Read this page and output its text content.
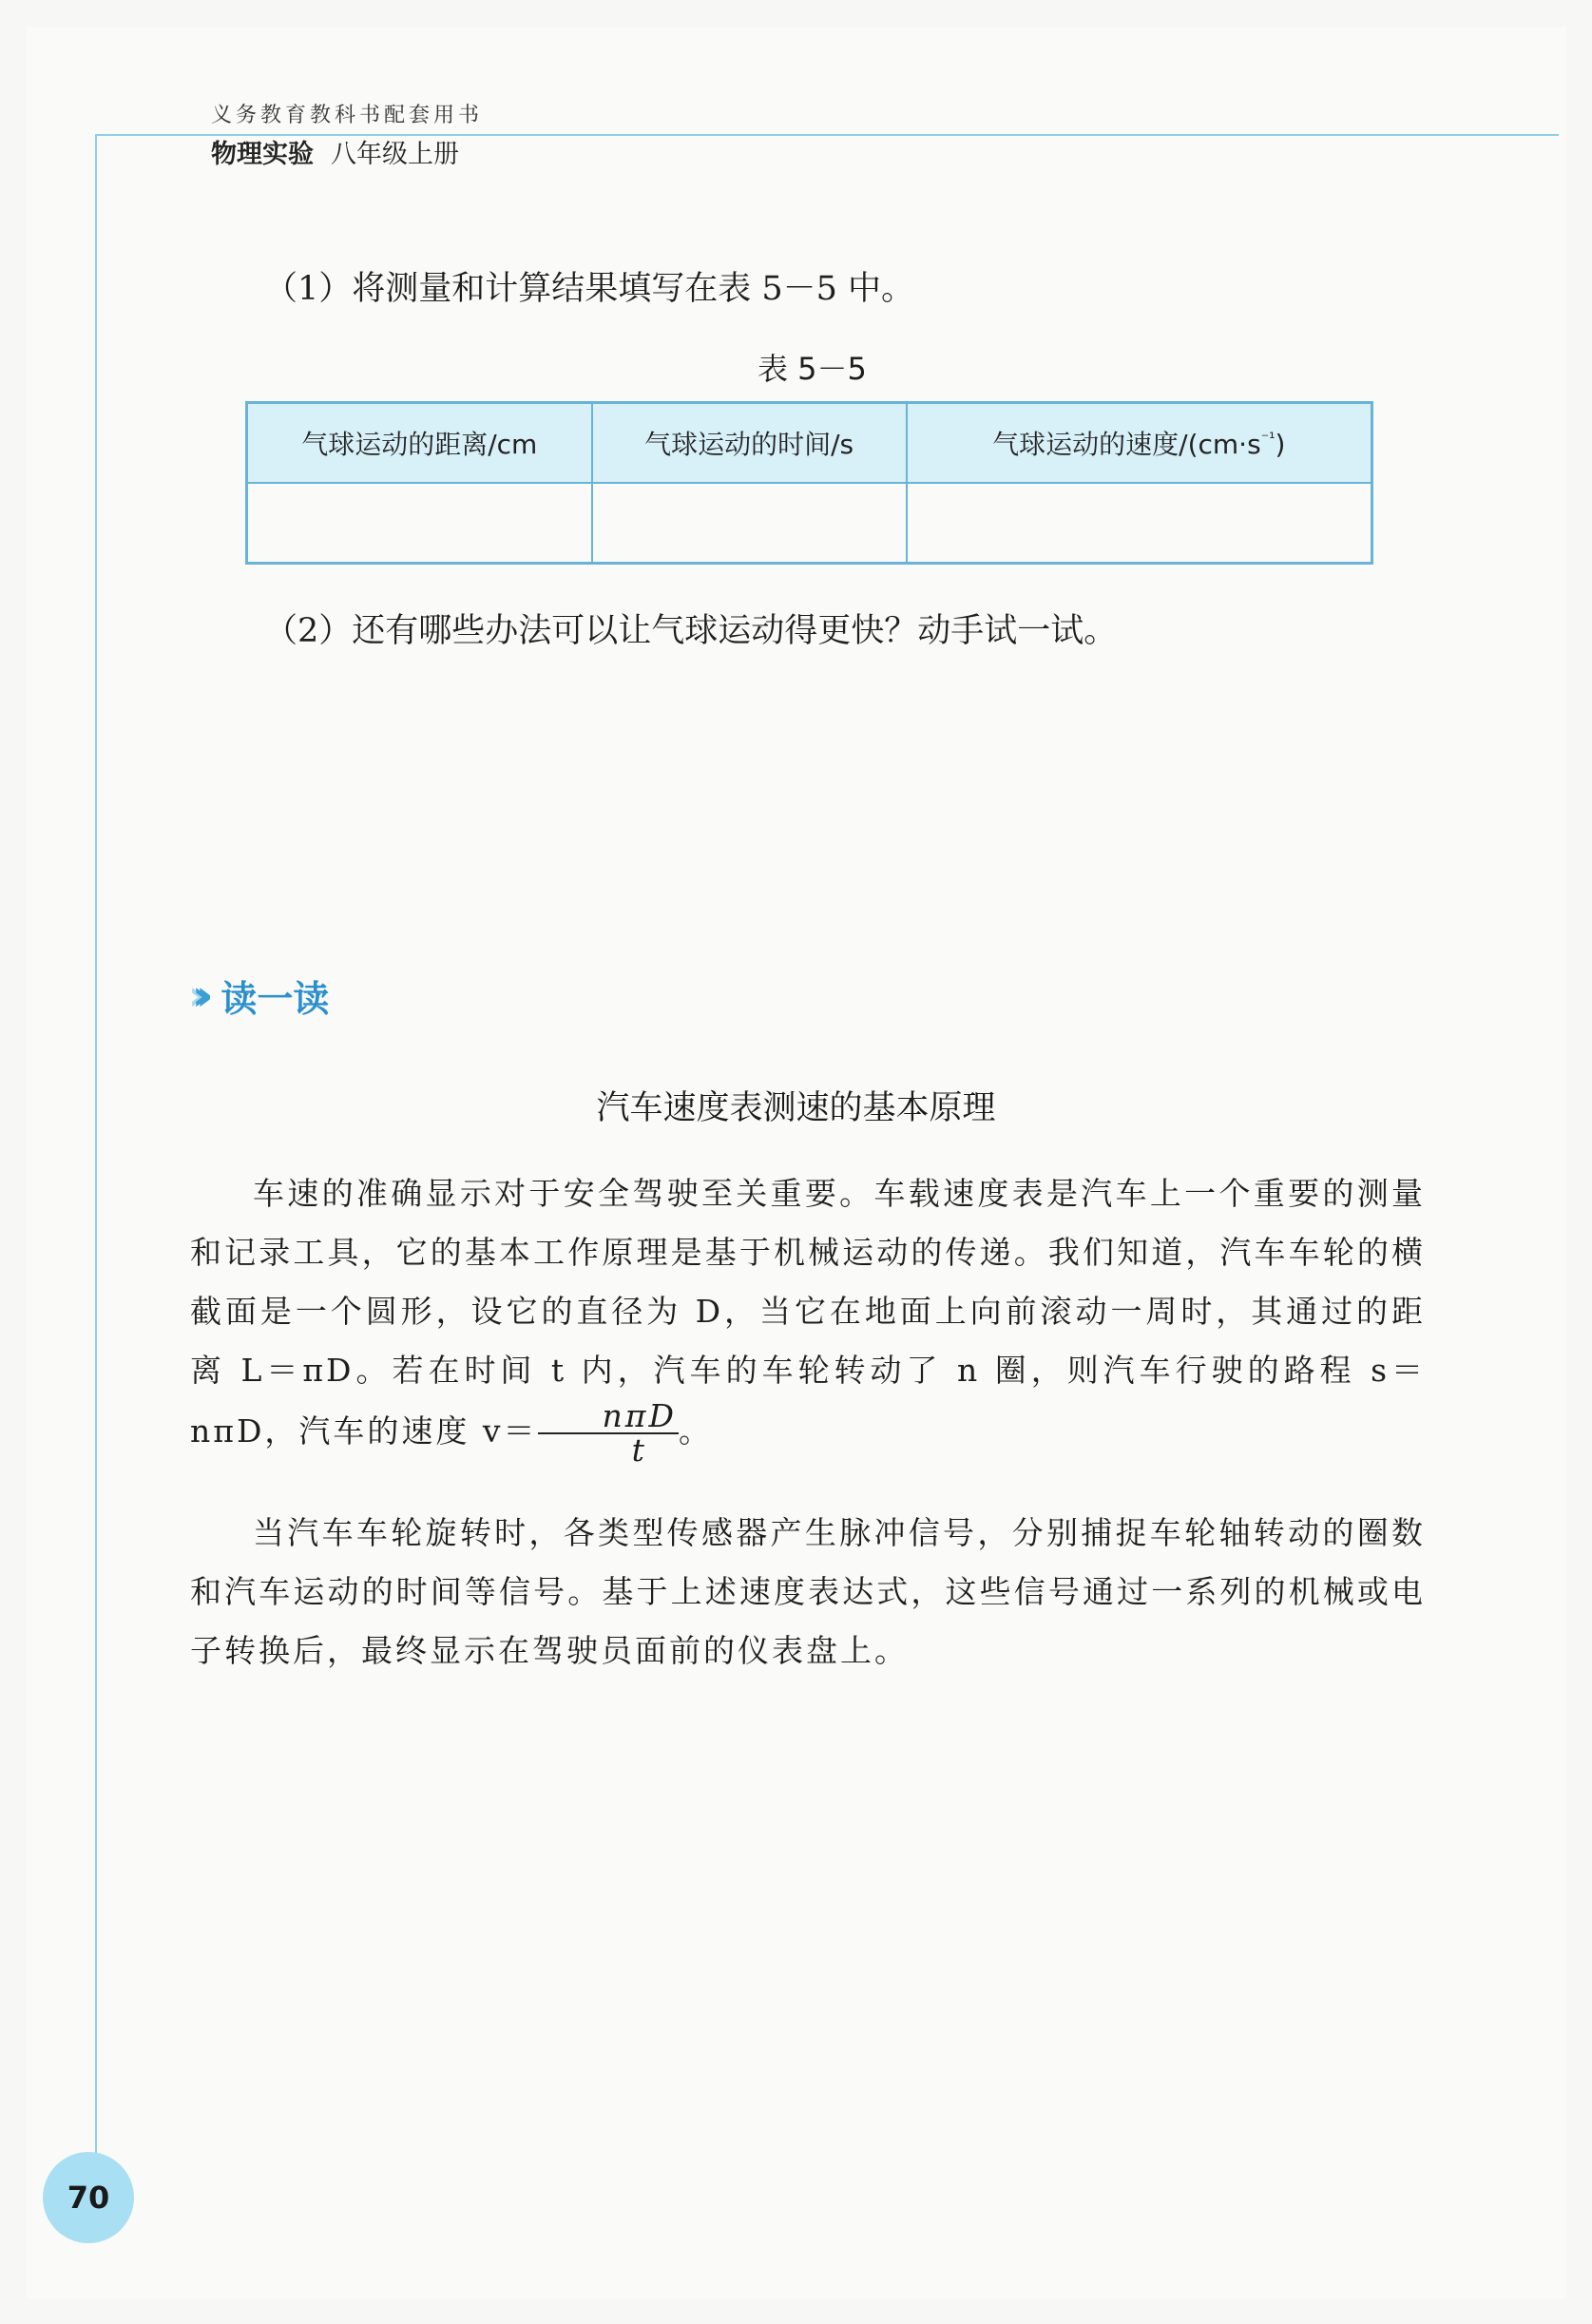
义务教育教科书配套用书
物理实验 八年级上册
（1）将测量和计算结果填写在表 5－5 中。
表 5－5
气球运动的距离/cm	气球运动的时间/s	气球运动的速度$/(cm\cdot s^{^{-1}})$

（2）还有哪些办法可以让气球运动得更快？动手试一试。
››› 读一读
汽车速度表测速的基本原理
车速的准确显示对于安全驾驶至关重要。车载速度表是汽车上一个重要的测量和记录工具，它的基本工作原理是基于机械运动的传递。我们知道，汽车车轮的横截面是一个圆形，设它的直径为 D，当它在地面上向前滚动一周时，其通过的距离 L＝πD。若在时间 t 内，汽车的车轮转动了 n 圈，则汽车行驶的路程 s＝nπD，汽车的速度 $v= \frac{\text{nπD}}{t}$ 。
当汽车车轮旋转时，各类型传感器产生脉冲信号，分别捕捉车轮轴转动的圈数和汽车运动的时间等信号。基于上述速度表达式，这些信号通过一系列的机械或电子转换后，最终显示在驾驶员面前的仪表盘上。
70
